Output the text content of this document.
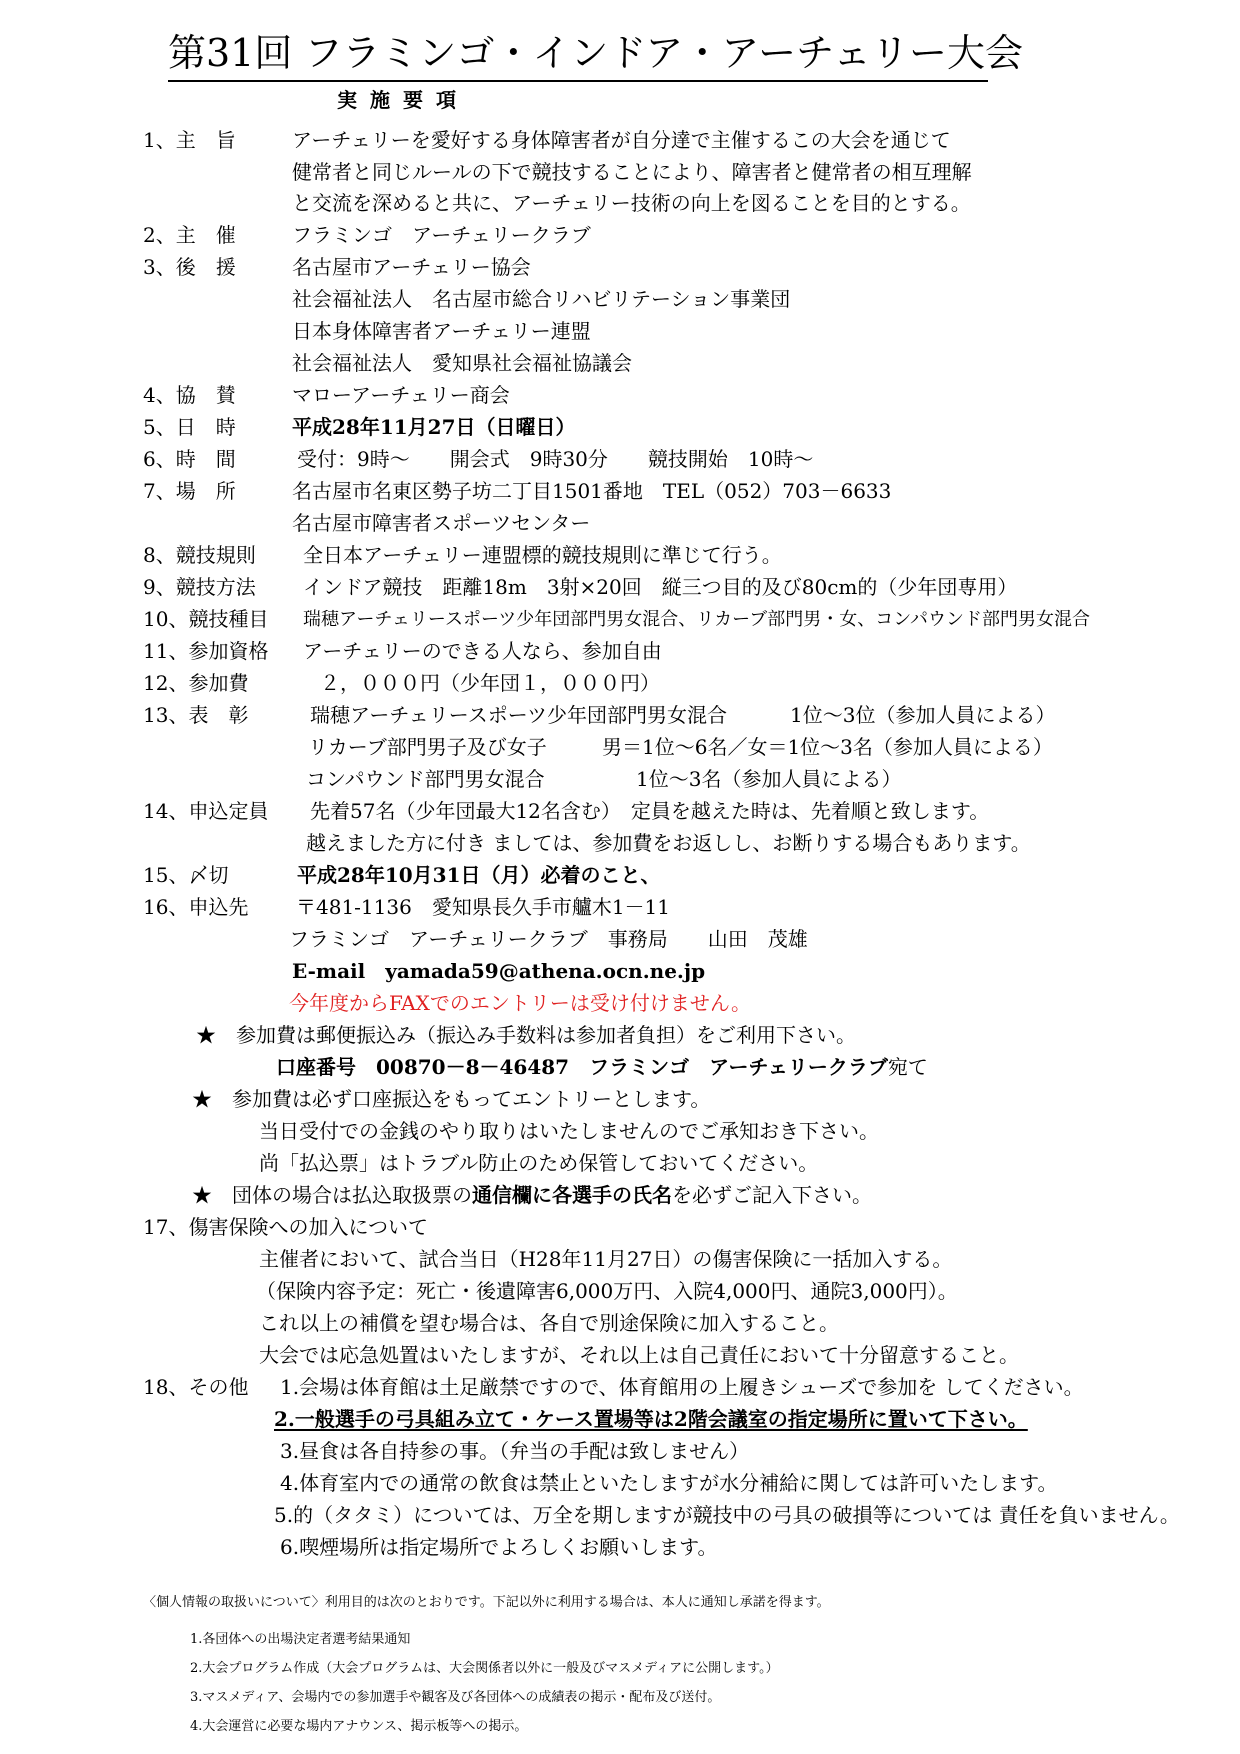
第31回 フラミンゴ・インドア・アーチェリー大会
実施要項
1、主　旨	アーチェリーを愛好する身体障害者が自分達で主催するこの大会を通じて
健常者と同じルールの下で競技することにより、障害者と健常者の相互理解
と交流を深めると共に、アーチェリー技術の向上を図ることを目的とする。
2、主　催	フラミンゴ　アーチェリークラブ
3、後　援	名古屋市アーチェリー協会
社会福祉法人　名古屋市総合リハビリテーション事業団
日本身体障害者アーチェリー連盟
社会福祉法人　愛知県社会福祉協議会
4、協　賛	マローアーチェリー商会
5、日　時	平成28年11月27日（日曜日）
6、時　間	受付：9時～　　開会式　9時30分　　競技開始　10時～
7、場　所	名古屋市名東区勢子坊二丁目1501番地　TEL（052）703－6633
名古屋市障害者スポーツセンター
8、競技規則 全日本アーチェリー連盟標的競技規則に準じて行う。
9、競技方法 インドア競技　距離18m　3射×20回　縦三つ目的及び80cm的（少年団専用）
10、競技種目 瑞穂アーチェリースポーツ少年団部門男女混合、リカーブ部門男・女、コンパウンド部門男女混合
11、参加資格 アーチェリーのできる人なら、参加自由
12、参加費	２，０００円（少年団１，０００円）
13、表　彰	瑞穂アーチェリースポーツ少年団部門男女混合	1位～3位（参加人員による）
リカーブ部門男子及び女子	男＝1位～6名／女＝1位～3名（参加人員による）
コンパウンド部門男女混合	1位～3名（参加人員による）
14、申込定員 先着57名（少年団最大12名含む）　定員を越えた時は、先着順と致します。
越えました方に付き ましては、参加費をお返しし、お断りする場合もあります。
15、〆切	平成28年10月31日（月）必着のこと、
16、申込先 〒481-1136　愛知県長久手市艫木1－11
フラミンゴ　アーチェリークラブ　事務局　　山田　茂雄
E-mail　yamada59@athena.ocn.ne.jp
今年度からFAXでのエントリーは受け付けません。
★　参加費は郵便振込み（振込み手数料は参加者負担）をご利用下さい。
口座番号　00870－8－46487　フラミンゴ　アーチェリークラブ宛て
★　参加費は必ず口座振込をもってエントリーとします。
当日受付での金銭のやり取りはいたしませんのでご承知おき下さい。
尚「払込票」はトラブル防止のため保管しておいてください。
★　団体の場合は払込取扱票の通信欄に各選手の氏名を必ずご記入下さい。
17、傷害保険への加入について
主催者において、試合当日（H28年11月27日）の傷害保険に一括加入する。
（保険内容予定：死亡・後遺障害6,000万円、入院4,000円、通院3,000円）。
これ以上の補償を望む場合は、各自で別途保険に加入すること。
大会では応急処置はいたしますが、それ以上は自己責任において十分留意すること。
18、その他 1.会場は体育館は土足厳禁ですので、体育館用の上履きシューズで参加を してください。
2.一般選手の弓具組み立て・ケース置場等は2階会議室の指定場所に置いて下さい。
3.昼食は各自持参の事。（弁当の手配は致しません）
4.体育室内での通常の飲食は禁止といたしますが水分補給に関しては許可いたします。
5.的（タタミ）については、万全を期しますが競技中の弓具の破損等については 責任を負いません。
6.喫煙場所は指定場所でよろしくお願いします。
〈個人情報の取扱いについて〉利用目的は次のとおりです。下記以外に利用する場合は、本人に通知し承諾を得ます。
1.各団体への出場決定者選考結果通知
2.大会プログラム作成（大会プログラムは、大会関係者以外に一般及びマスメディアに公開します。）
3.マスメディア、会場内での参加選手や観客及び各団体への成績表の掲示・配布及び送付。
4.大会運営に必要な場内アナウンス、掲示板等への掲示。
